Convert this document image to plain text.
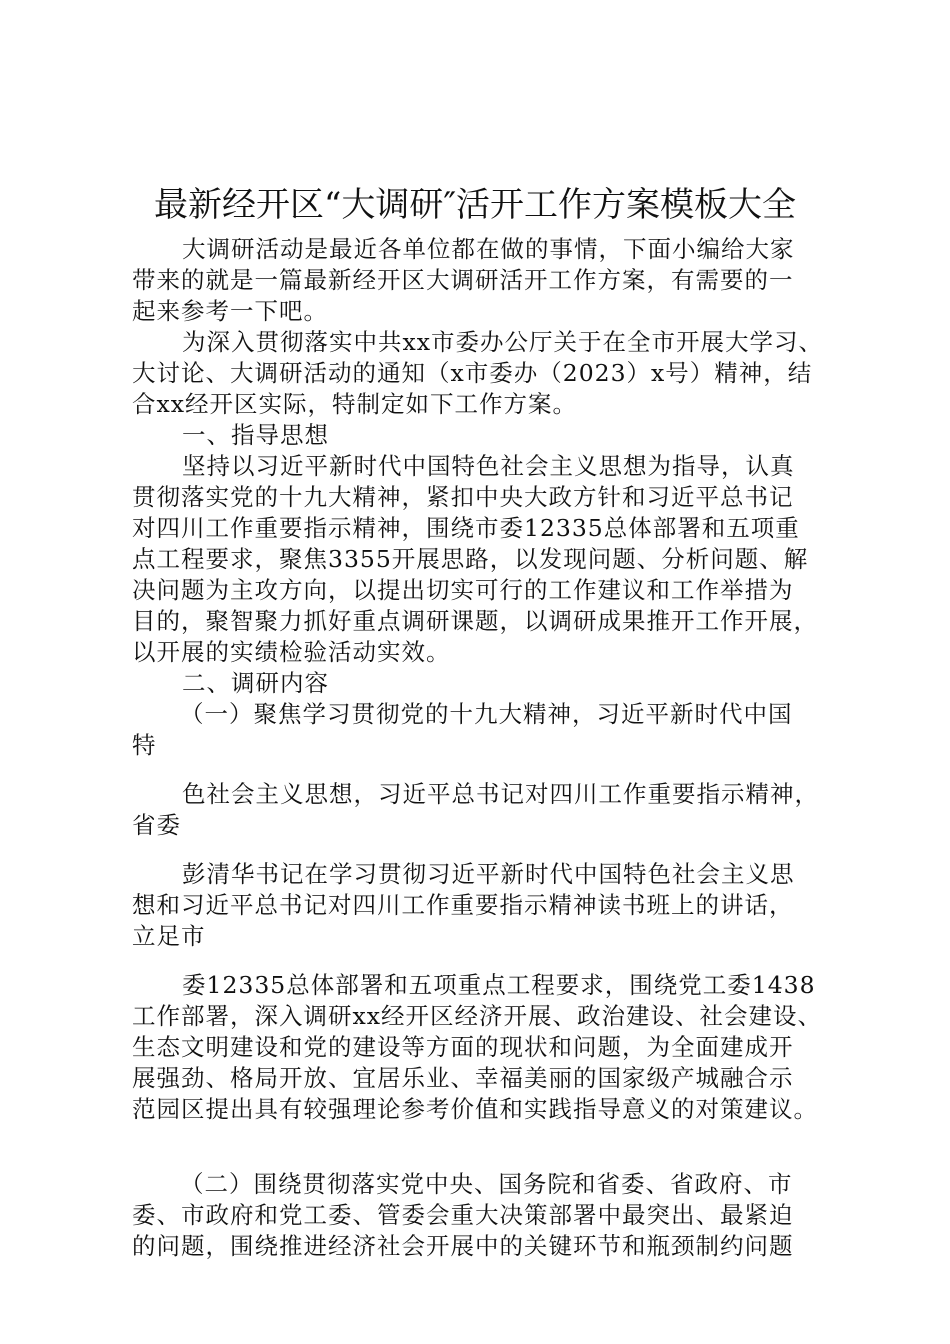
最新经开区“大调研″活开工作方案模板大全

大调研活动是最近各单位都在做的事情，下面小编给大家

带来的就是一篇最新经开区大调研活开工作方案，有需要的一

起来参考一下吧。

为深入贯彻落实中共xx市委办公厅关于在全市开展大学习、

大讨论、大调研活动的通知（x市委办（2023）x号）精神，结

合xx经开区实际，特制定如下工作方案。

一、指导思想

坚持以习近平新时代中国特色社会主义思想为指导，认真

贯彻落实党的十九大精神，紧扣中央大政方针和习近平总书记

对四川工作重要指示精神，围绕市委12335总体部署和五项重

点工程要求，聚焦3355开展思路，以发现问题、分析问题、解

决问题为主攻方向，以提出切实可行的工作建议和工作举措为

目的，聚智聚力抓好重点调研课题，以调研成果推开工作开展，

以开展的实绩检验活动实效。

二、调研内容

（一）聚焦学习贯彻党的十九大精神，习近平新时代中国

特

色社会主义思想，习近平总书记对四川工作重要指示精神，

省委

彭清华书记在学习贯彻习近平新时代中国特色社会主义思

想和习近平总书记对四川工作重要指示精神读书班上的讲话，

立足市

委12335总体部署和五项重点工程要求，围绕党工委1438

工作部署，深入调研xx经开区经济开展、政治建设、社会建设、

生态文明建设和党的建设等方面的现状和问题，为全面建成开

展强劲、格局开放、宜居乐业、幸福美丽的国家级产城融合示

范园区提出具有较强理论参考价值和实践指导意义的对策建议。

（二）围绕贯彻落实党中央、国务院和省委、省政府、市

委、市政府和党工委、管委会重大决策部署中最突出、最紧迫

的问题，围绕推进经济社会开展中的关键环节和瓶颈制约问题
